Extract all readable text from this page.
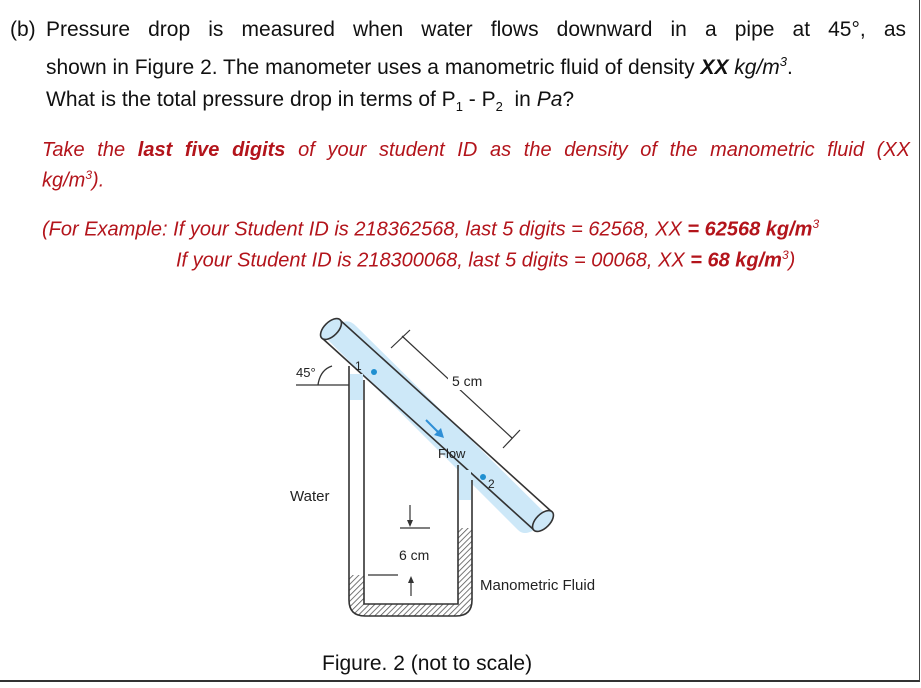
(b) Pressure drop is measured when water flows downward in a pipe at 45°, as
shown in Figure 2. The manometer uses a manometric fluid of density XX $kg/m^3$.
What is the total pressure drop in terms of $P_1 - P_2$  in Pa?
Take the last five digits of your student ID as the density of the manometric fluid (XX
$kg/m^3$).
(For Example: If your Student ID is 218362568, last 5 digits = 62568, XX = 62568 $kg/m^3$
If your Student ID is 218300068, last 5 digits = 00068, XX = 68 $kg/m^3$)
45°	1
2
Flow
5 cm
Water
6 cm
Manometric Fluid
Figure. 2 (not to scale)
